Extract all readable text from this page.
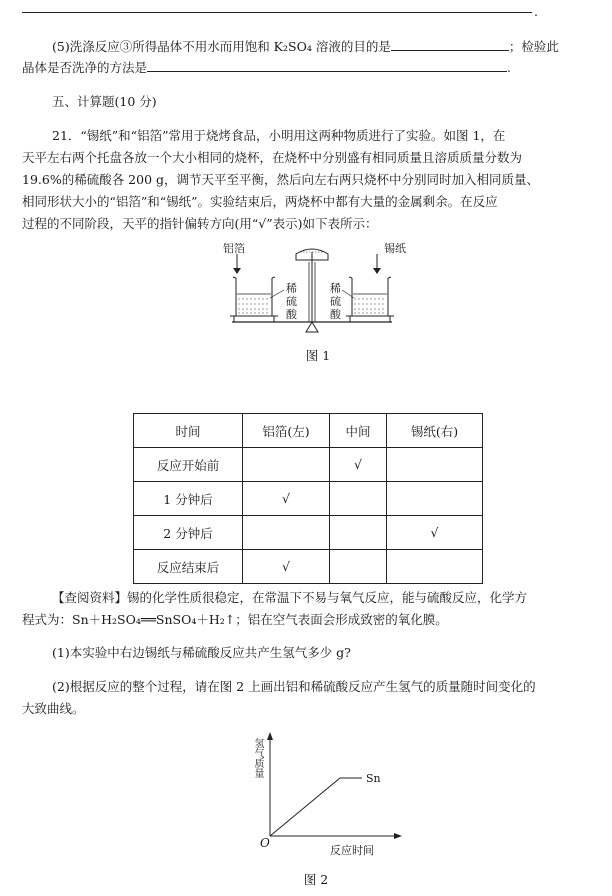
.
(5)洗涤反应③所得晶体不用水而用饱和 K₂SO₄ 溶液的目的是	；检验此
晶体是否洗净的方法是	.
五、计算题(10 分)
21．“锡纸”和“铝箔”常用于烧烤食品，小明用这两种物质进行了实验。如图 1，在
天平左右两个托盘各放一个大小相同的烧杯，在烧杯中分别盛有相同质量且溶质质量分数为
19.6%的稀硫酸各 200 g，调节天平至平衡，然后向左右两只烧杯中分别同时加入相同质量、
相同形状大小的“铝箔”和“锡纸”。实验结束后，两烧杯中都有大量的金属剩余。在反应
过程的不同阶段，天平的指针偏转方向(用“√”表示)如下表所示：
铝箔	锡纸
稀
硫
酸
稀
硫
酸
图 1
时间	铝箔(左)	中间	锡纸(右)
反应开始前		√	
1 分钟后	√		
2 分钟后			√
反应结束后	√		
【查阅资料】锡的化学性质很稳定，在常温下不易与氧气反应，能与硫酸反应，化学方
程式为：Sn＋H₂SO₄══SnSO₄＋H₂↑；铝在空气表面会形成致密的氧化膜。
(1)本实验中右边锡纸与稀硫酸反应共产生氢气多少 g?
(2)根据反应的整个过程，请在图 2 上画出铝和稀硫酸反应产生氢气的质量随时间变化的
大致曲线。
氢气质量
Sn
O
反应时间
图 2
